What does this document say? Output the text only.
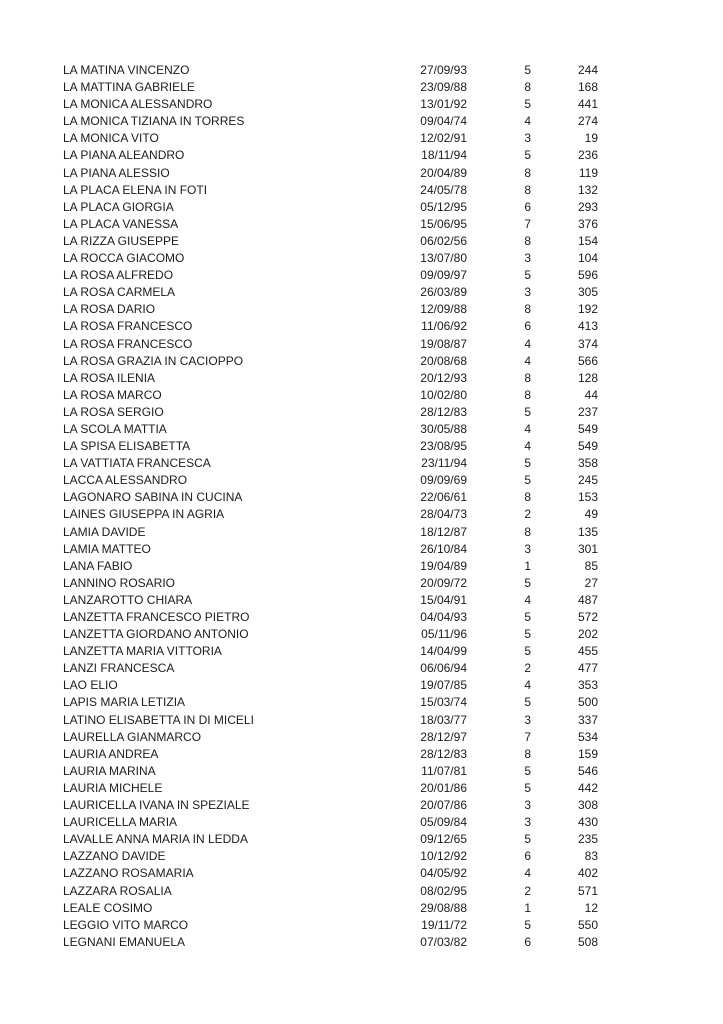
LA MATINA VINCENZO	27/09/93	5	244
LA MATTINA GABRIELE	23/09/88	8	168
LA MONICA ALESSANDRO	13/01/92	5	441
LA MONICA TIZIANA IN TORRES	09/04/74	4	274
LA MONICA VITO	12/02/91	3	19
LA PIANA ALEANDRO	18/11/94	5	236
LA PIANA ALESSIO	20/04/89	8	119
LA PLACA ELENA IN FOTI	24/05/78	8	132
LA PLACA GIORGIA	05/12/95	6	293
LA PLACA VANESSA	15/06/95	7	376
LA RIZZA GIUSEPPE	06/02/56	8	154
LA ROCCA GIACOMO	13/07/80	3	104
LA ROSA ALFREDO	09/09/97	5	596
LA ROSA CARMELA	26/03/89	3	305
LA ROSA DARIO	12/09/88	8	192
LA ROSA FRANCESCO	11/06/92	6	413
LA ROSA FRANCESCO	19/08/87	4	374
LA ROSA GRAZIA IN CACIOPPO	20/08/68	4	566
LA ROSA ILENIA	20/12/93	8	128
LA ROSA MARCO	10/02/80	8	44
LA ROSA SERGIO	28/12/83	5	237
LA SCOLA MATTIA	30/05/88	4	549
LA SPISA ELISABETTA	23/08/95	4	549
LA VATTIATA FRANCESCA	23/11/94	5	358
LACCA ALESSANDRO	09/09/69	5	245
LAGONARO SABINA IN CUCINA	22/06/61	8	153
LAINES GIUSEPPA IN AGRIA	28/04/73	2	49
LAMIA DAVIDE	18/12/87	8	135
LAMIA MATTEO	26/10/84	3	301
LANA FABIO	19/04/89	1	85
LANNINO ROSARIO	20/09/72	5	27
LANZAROTTO CHIARA	15/04/91	4	487
LANZETTA FRANCESCO PIETRO	04/04/93	5	572
LANZETTA GIORDANO ANTONIO	05/11/96	5	202
LANZETTA MARIA VITTORIA	14/04/99	5	455
LANZI FRANCESCA	06/06/94	2	477
LAO ELIO	19/07/85	4	353
LAPIS MARIA LETIZIA	15/03/74	5	500
LATINO ELISABETTA IN DI MICELI	18/03/77	3	337
LAURELLA GIANMARCO	28/12/97	7	534
LAURIA ANDREA	28/12/83	8	159
LAURIA MARINA	11/07/81	5	546
LAURIA MICHELE	20/01/86	5	442
LAURICELLA IVANA IN SPEZIALE	20/07/86	3	308
LAURICELLA MARIA	05/09/84	3	430
LAVALLE ANNA MARIA IN LEDDA	09/12/65	5	235
LAZZANO DAVIDE	10/12/92	6	83
LAZZANO ROSAMARIA	04/05/92	4	402
LAZZARA ROSALIA	08/02/95	2	571
LEALE COSIMO	29/08/88	1	12
LEGGIO VITO MARCO	19/11/72	5	550
LEGNANI EMANUELA	07/03/82	6	508
